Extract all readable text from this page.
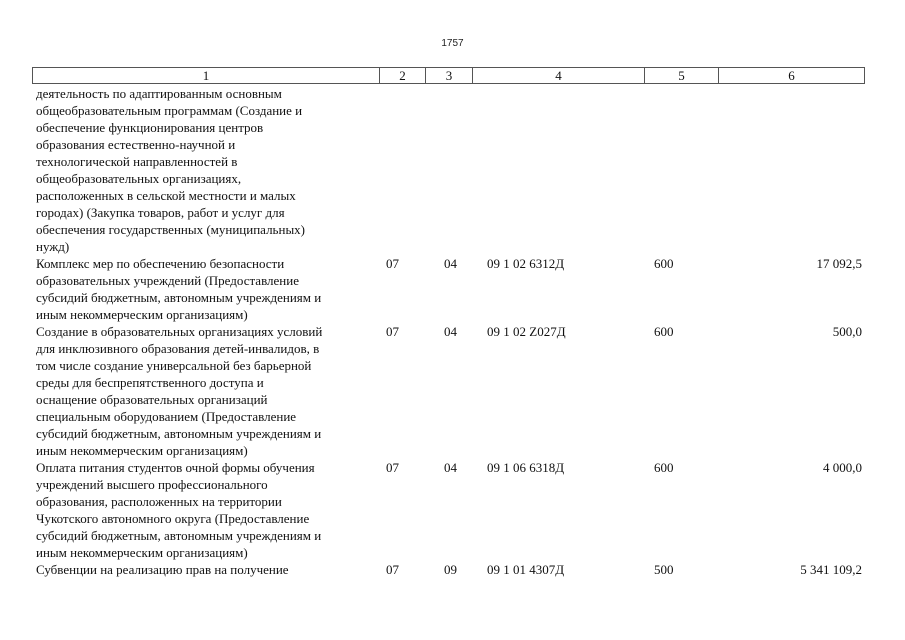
1757
1	2	3	4	5	6
деятельность по адаптированным основным
общеобразовательным программам (Создание и
обеспечение функционирования центров
образования естественно-научной и
технологической направленностей в
общеобразовательных организациях,
расположенных в сельской местности и малых
городах) (Закупка товаров, работ и услуг для
обеспечения государственных (муниципальных)
нужд)
Комплекс мер по обеспечению безопасности
образовательных учреждений (Предоставление
субсидий бюджетным, автономным учреждениям и
иным некоммерческим организациям)
07	04	09 1 02 6312Д	600	17 092,5
Создание в образовательных организациях условий
для инклюзивного образования детей-инвалидов, в
том числе создание универсальной без барьерной
среды для беспрепятственного доступа и
оснащение образовательных организаций
специальным оборудованием (Предоставление
субсидий бюджетным, автономным учреждениям и
иным некоммерческим организациям)
07	04	09 1 02 Z027Д	600	500,0
Оплата питания студентов очной формы обучения
учреждений высшего профессионального
образования, расположенных на территории
Чукотского автономного округа (Предоставление
субсидий бюджетным, автономным учреждениям и
иным некоммерческим организациям)
07	04	09 1 06 6318Д	600	4 000,0
Субвенции на реализацию прав на получение	07	09	09 1 01 4307Д	500	5 341 109,2
